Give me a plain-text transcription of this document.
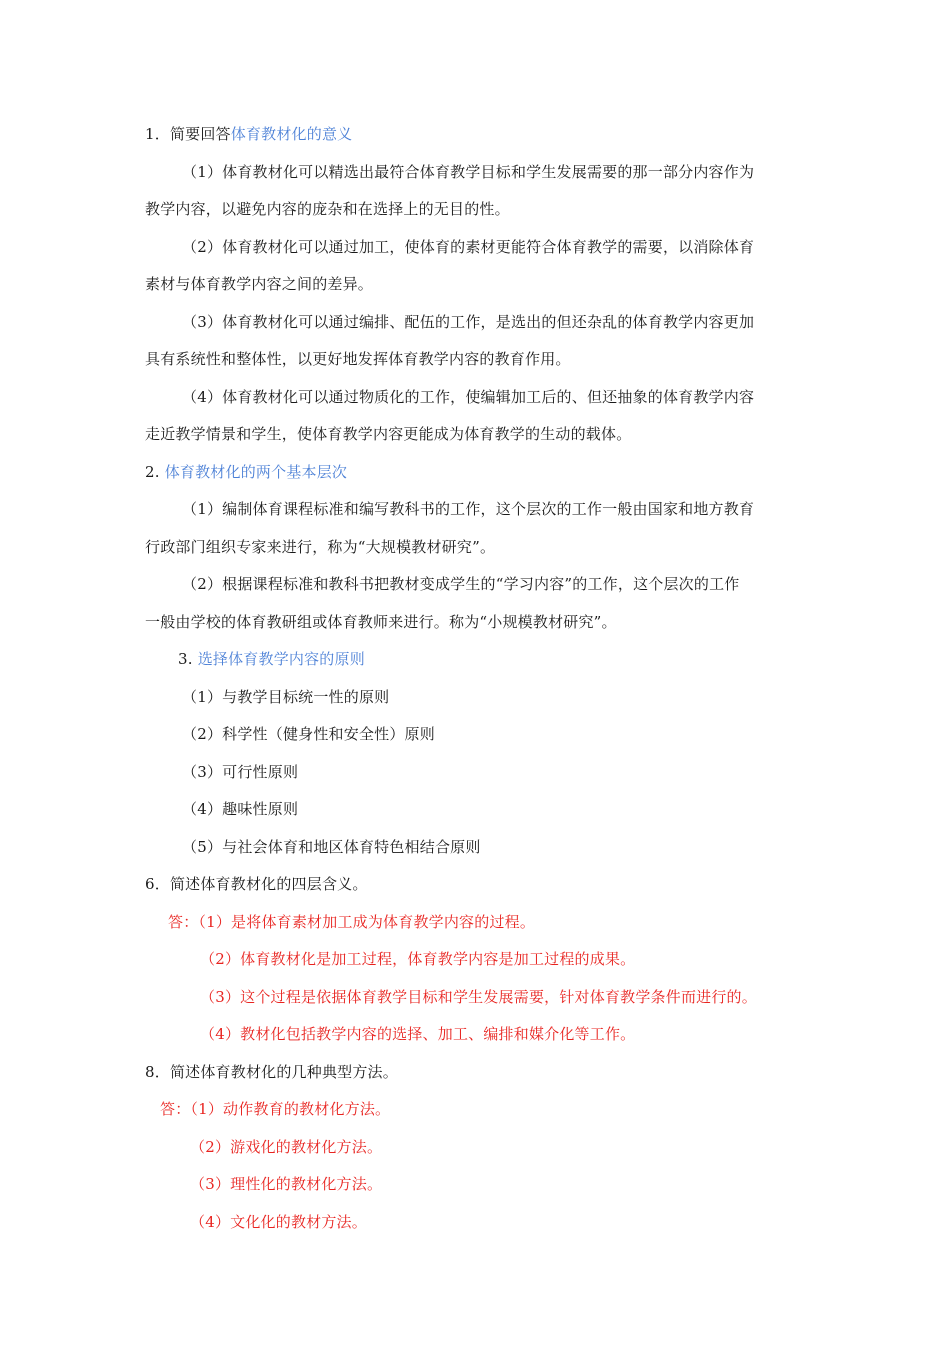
1．简要回答体育教材化的意义
（1）体育教材化可以精选出最符合体育教学目标和学生发展需要的那一部分内容作为
教学内容，以避免内容的庞杂和在选择上的无目的性。
（2）体育教材化可以通过加工，使体育的素材更能符合体育教学的需要，以消除体育
素材与体育教学内容之间的差异。
（3）体育教材化可以通过编排、配伍的工作，是选出的但还杂乱的体育教学内容更加
具有系统性和整体性，以更好地发挥体育教学内容的教育作用。
（4）体育教材化可以通过物质化的工作，使编辑加工后的、但还抽象的体育教学内容
走近教学情景和学生，使体育教学内容更能成为体育教学的生动的载体。
2. 体育教材化的两个基本层次
（1）编制体育课程标准和编写教科书的工作，这个层次的工作一般由国家和地方教育
行政部门组织专家来进行，称为“大规模教材研究”。
（2）根据课程标准和教科书把教材变成学生的“学习内容”的工作，这个层次的工作
一般由学校的体育教研组或体育教师来进行。称为“小规模教材研究”。
3. 选择体育教学内容的原则
（1）与教学目标统一性的原则
（2）科学性（健身性和安全性）原则
（3）可行性原则
（4）趣味性原则
（5）与社会体育和地区体育特色相结合原则
6．简述体育教材化的四层含义。
答：（1）是将体育素材加工成为体育教学内容的过程。
（2）体育教材化是加工过程，体育教学内容是加工过程的成果。
（3）这个过程是依据体育教学目标和学生发展需要，针对体育教学条件而进行的。
（4）教材化包括教学内容的选择、加工、编排和媒介化等工作。
8．简述体育教材化的几种典型方法。
答：（1）动作教育的教材化方法。
（2）游戏化的教材化方法。
（3）理性化的教材化方法。
（4）文化化的教材方法。
